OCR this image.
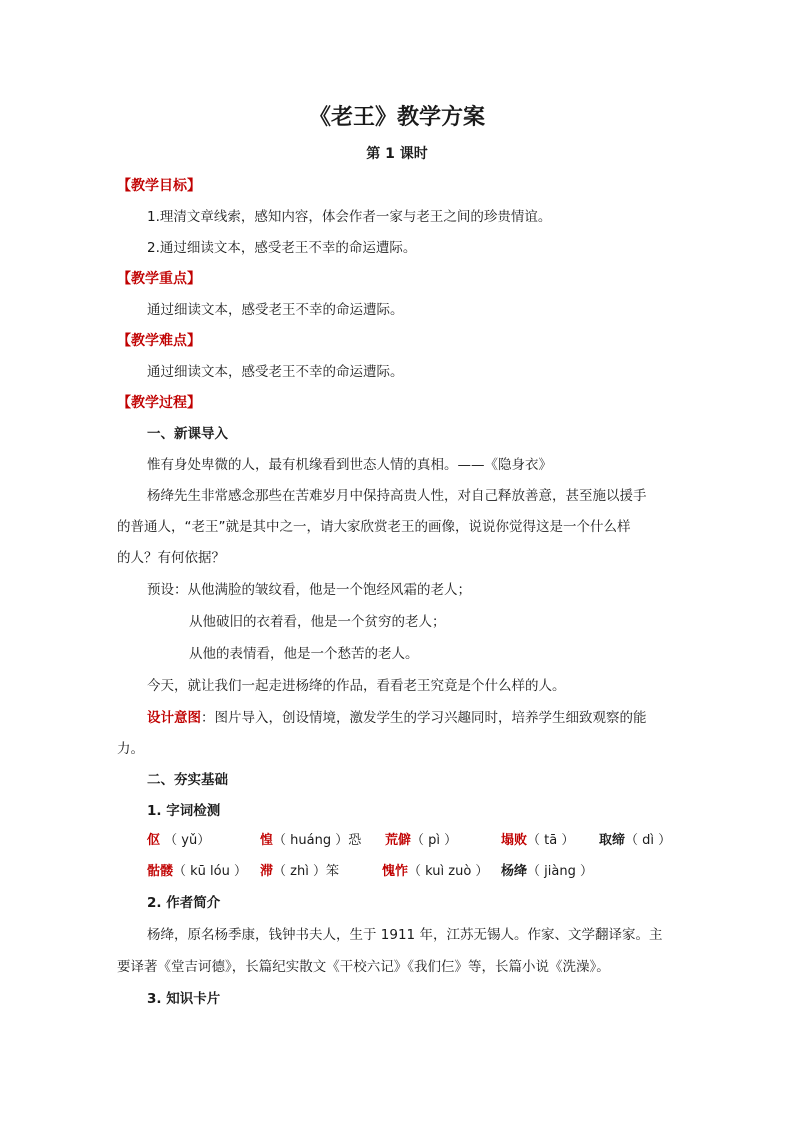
《老王》教学方案
第 1 课时
【教学目标】
1.理清文章线索，感知内容，体会作者一家与老王之间的珍贵情谊。
2.通过细读文本，感受老王不幸的命运遭际。
【教学重点】
通过细读文本，感受老王不幸的命运遭际。
【教学难点】
通过细读文本，感受老王不幸的命运遭际。
【教学过程】
一、新课导入
惟有身处卑微的人，最有机缘看到世态人情的真相。——《隐身衣》
杨绛先生非常感念那些在苦难岁月中保持高贵人性，对自己释放善意，甚至施以援手
的普通人，“老王”就是其中之一，请大家欣赏老王的画像，说说你觉得这是一个什么样
的人？有何依据？
预设：从他满脸的皱纹看，他是一个饱经风霜的老人；
从他破旧的衣着看，他是一个贫穷的老人；
从他的表情看，他是一个愁苦的老人。
今天，就让我们一起走进杨绛的作品，看看老王究竟是个什么样的人。
设计意图：图片导入，创设情境，激发学生的学习兴趣同时，培养学生细致观察的能
力。
二、夯实基础
1. 字词检测
伛 （ yǔ）	惶（ huáng ）恐 荒僻（ pì ）	塌败（ tā ） 取缔（ dì ）
骷髅（ kū lóu ） 滞（ zhì ）笨	愧怍（ kuì zuò ） 杨绛（ jiàng ）
2. 作者简介
杨绛，原名杨季康，钱钟书夫人，生于 1911 年，江苏无锡人。作家、文学翻译家。主
要译著《堂吉诃德》，长篇纪实散文《干校六记》《我们仨》等，长篇小说《洗澡》。
3. 知识卡片
